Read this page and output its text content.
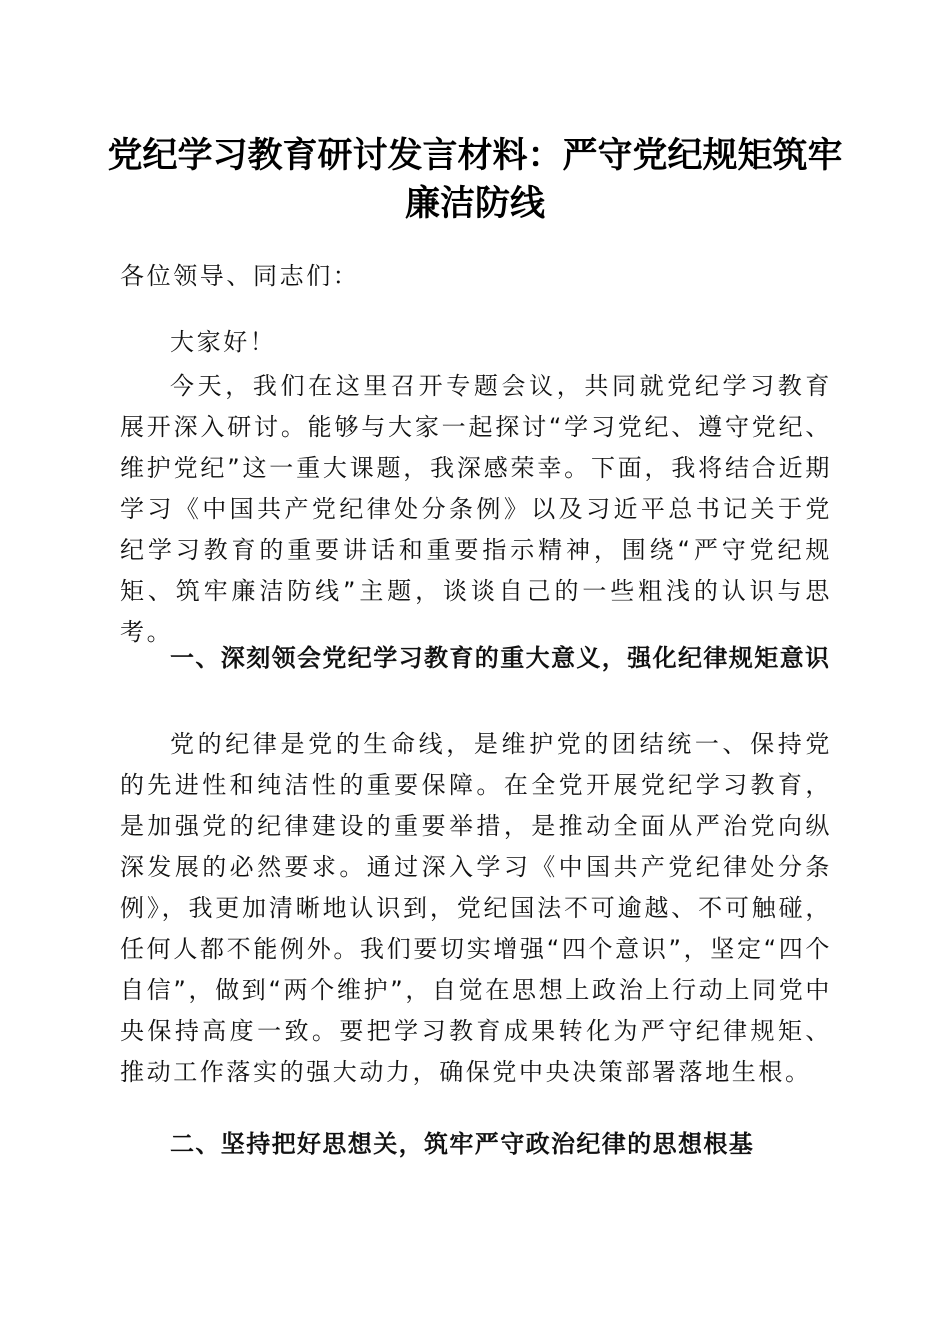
党纪学习教育研讨发言材料：严守党纪规矩筑牢廉洁防线
各位领导、同志们：
大家好！
今天，我们在这里召开专题会议，共同就党纪学习教育展开深入研讨。能够与大家一起探讨“学习党纪、遵守党纪、维护党纪”这一重大课题，我深感荣幸。下面，我将结合近期学习《中国共产党纪律处分条例》以及习近平总书记关于党纪学习教育的重要讲话和重要指示精神，围绕“严守党纪规矩、筑牢廉洁防线”主题，谈谈自己的一些粗浅的认识与思考。
一、深刻领会党纪学习教育的重大意义，强化纪律规矩意识
党的纪律是党的生命线，是维护党的团结统一、保持党的先进性和纯洁性的重要保障。在全党开展党纪学习教育，是加强党的纪律建设的重要举措，是推动全面从严治党向纵深发展的必然要求。通过深入学习《中国共产党纪律处分条例》，我更加清晰地认识到，党纪国法不可逾越、不可触碰，任何人都不能例外。我们要切实增强“四个意识”，坚定“四个自信”，做到“两个维护”，自觉在思想上政治上行动上同党中央保持高度一致。要把学习教育成果转化为严守纪律规矩、推动工作落实的强大动力，确保党中央决策部署落地生根。
二、坚持把好思想关，筑牢严守政治纪律的思想根基
